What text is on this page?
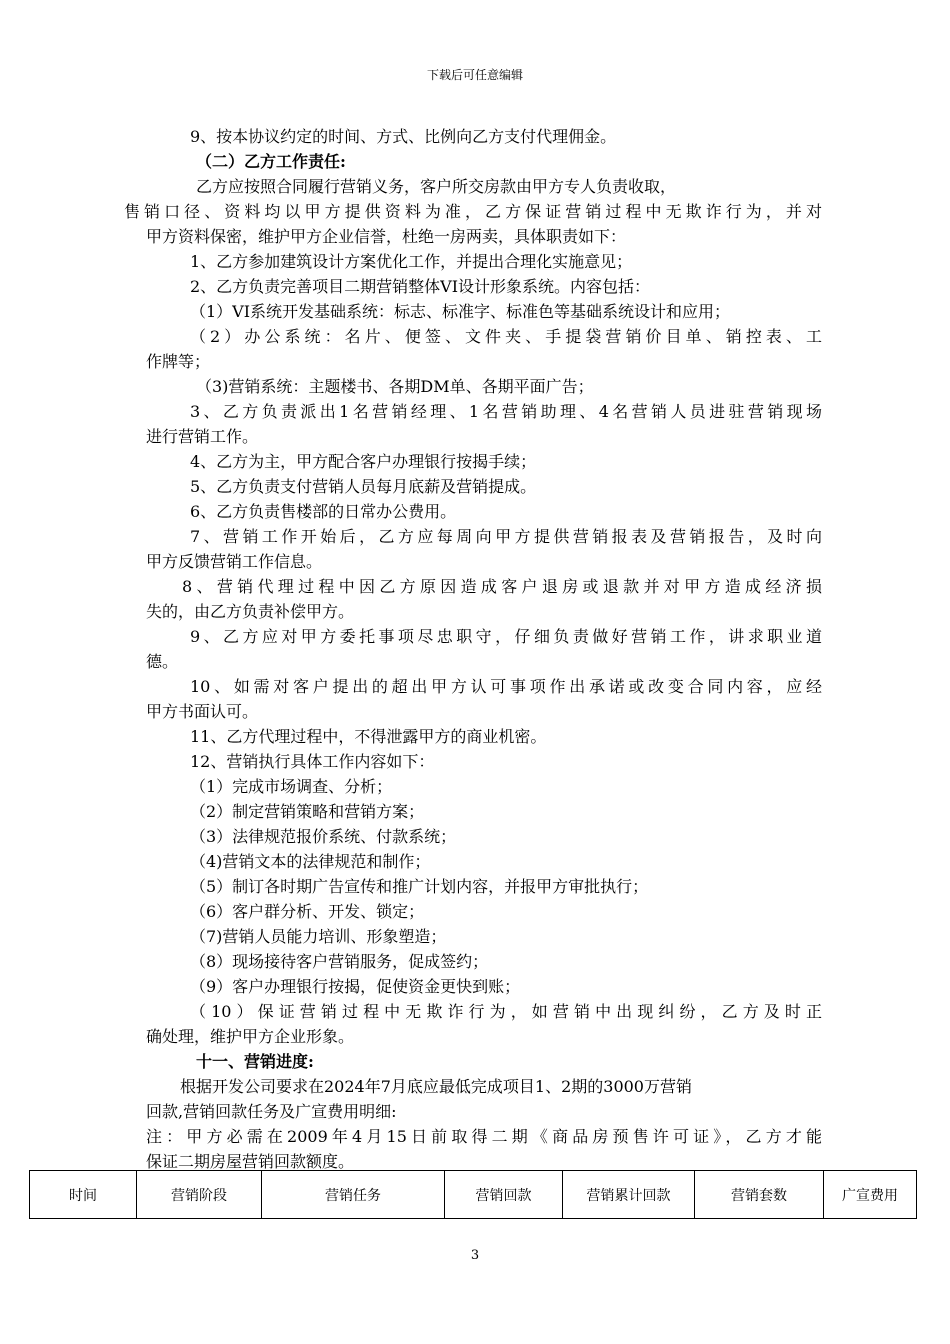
下载后可任意编辑
9、按本协议约定的时间、方式、比例向乙方支付代理佣金。
（二）乙方工作责任:
乙方应按照合同履行营销义务，客户所交房款由甲方专人负责收取，
售销口径、资料均以甲方提供资料为准，乙方保证营销过程中无欺诈行为，并对
甲方资料保密，维护甲方企业信誉，杜绝一房两卖，具体职责如下：
1、乙方参加建筑设计方案优化工作，并提出合理化实施意见；
2、乙方负责完善项目二期营销整体VI设计形象系统。内容包括：
（1）VI系统开发基础系统：标志、标准字、标准色等基础系统设计和应用；
（2）办公系统：名片、便签、文件夹、手提袋营销价目单、销控表、工
作牌等；
（3)营销系统：主题楼书、各期DM单、各期平面广告；
3、乙方负责派出1名营销经理、1名营销助理、4名营销人员进驻营销现场
进行营销工作。
4、乙方为主，甲方配合客户办理银行按揭手续；
5、乙方负责支付营销人员每月底薪及营销提成。
6、乙方负责售楼部的日常办公费用。
7、营销工作开始后，乙方应每周向甲方提供营销报表及营销报告，及时向
甲方反馈营销工作信息。
8、营销代理过程中因乙方原因造成客户退房或退款并对甲方造成经济损
失的，由乙方负责补偿甲方。
9、乙方应对甲方委托事项尽忠职守，仔细负责做好营销工作，讲求职业道
德。
10、如需对客户提出的超出甲方认可事项作出承诺或改变合同内容，应经
甲方书面认可。
11、乙方代理过程中，不得泄露甲方的商业机密。
12、营销执行具体工作内容如下：
（1）完成市场调查、分析；
（2）制定营销策略和营销方案；
（3）法律规范报价系统、付款系统；
（4)营销文本的法律规范和制作；
（5）制订各时期广告宣传和推广计划内容，并报甲方审批执行；
（6）客户群分析、开发、锁定；
（7)营销人员能力培训、形象塑造；
（8）现场接待客户营销服务，促成签约；
（9）客户办理银行按揭，促使资金更快到账；
（10）保证营销过程中无欺诈行为，如营销中出现纠纷，乙方及时正
确处理，维护甲方企业形象。
十一、营销进度:
根据开发公司要求在2024年7月底应最低完成项目1、2期的3000万营销
回款,营销回款任务及广宣费用明细:
注：甲方必需在2009年4月15日前取得二期《商品房预售许可证》，乙方才能
保证二期房屋营销回款额度。
时间	营销阶段	营销任务	营销回款	营销累计回款	营销套数	广宣费用
3
